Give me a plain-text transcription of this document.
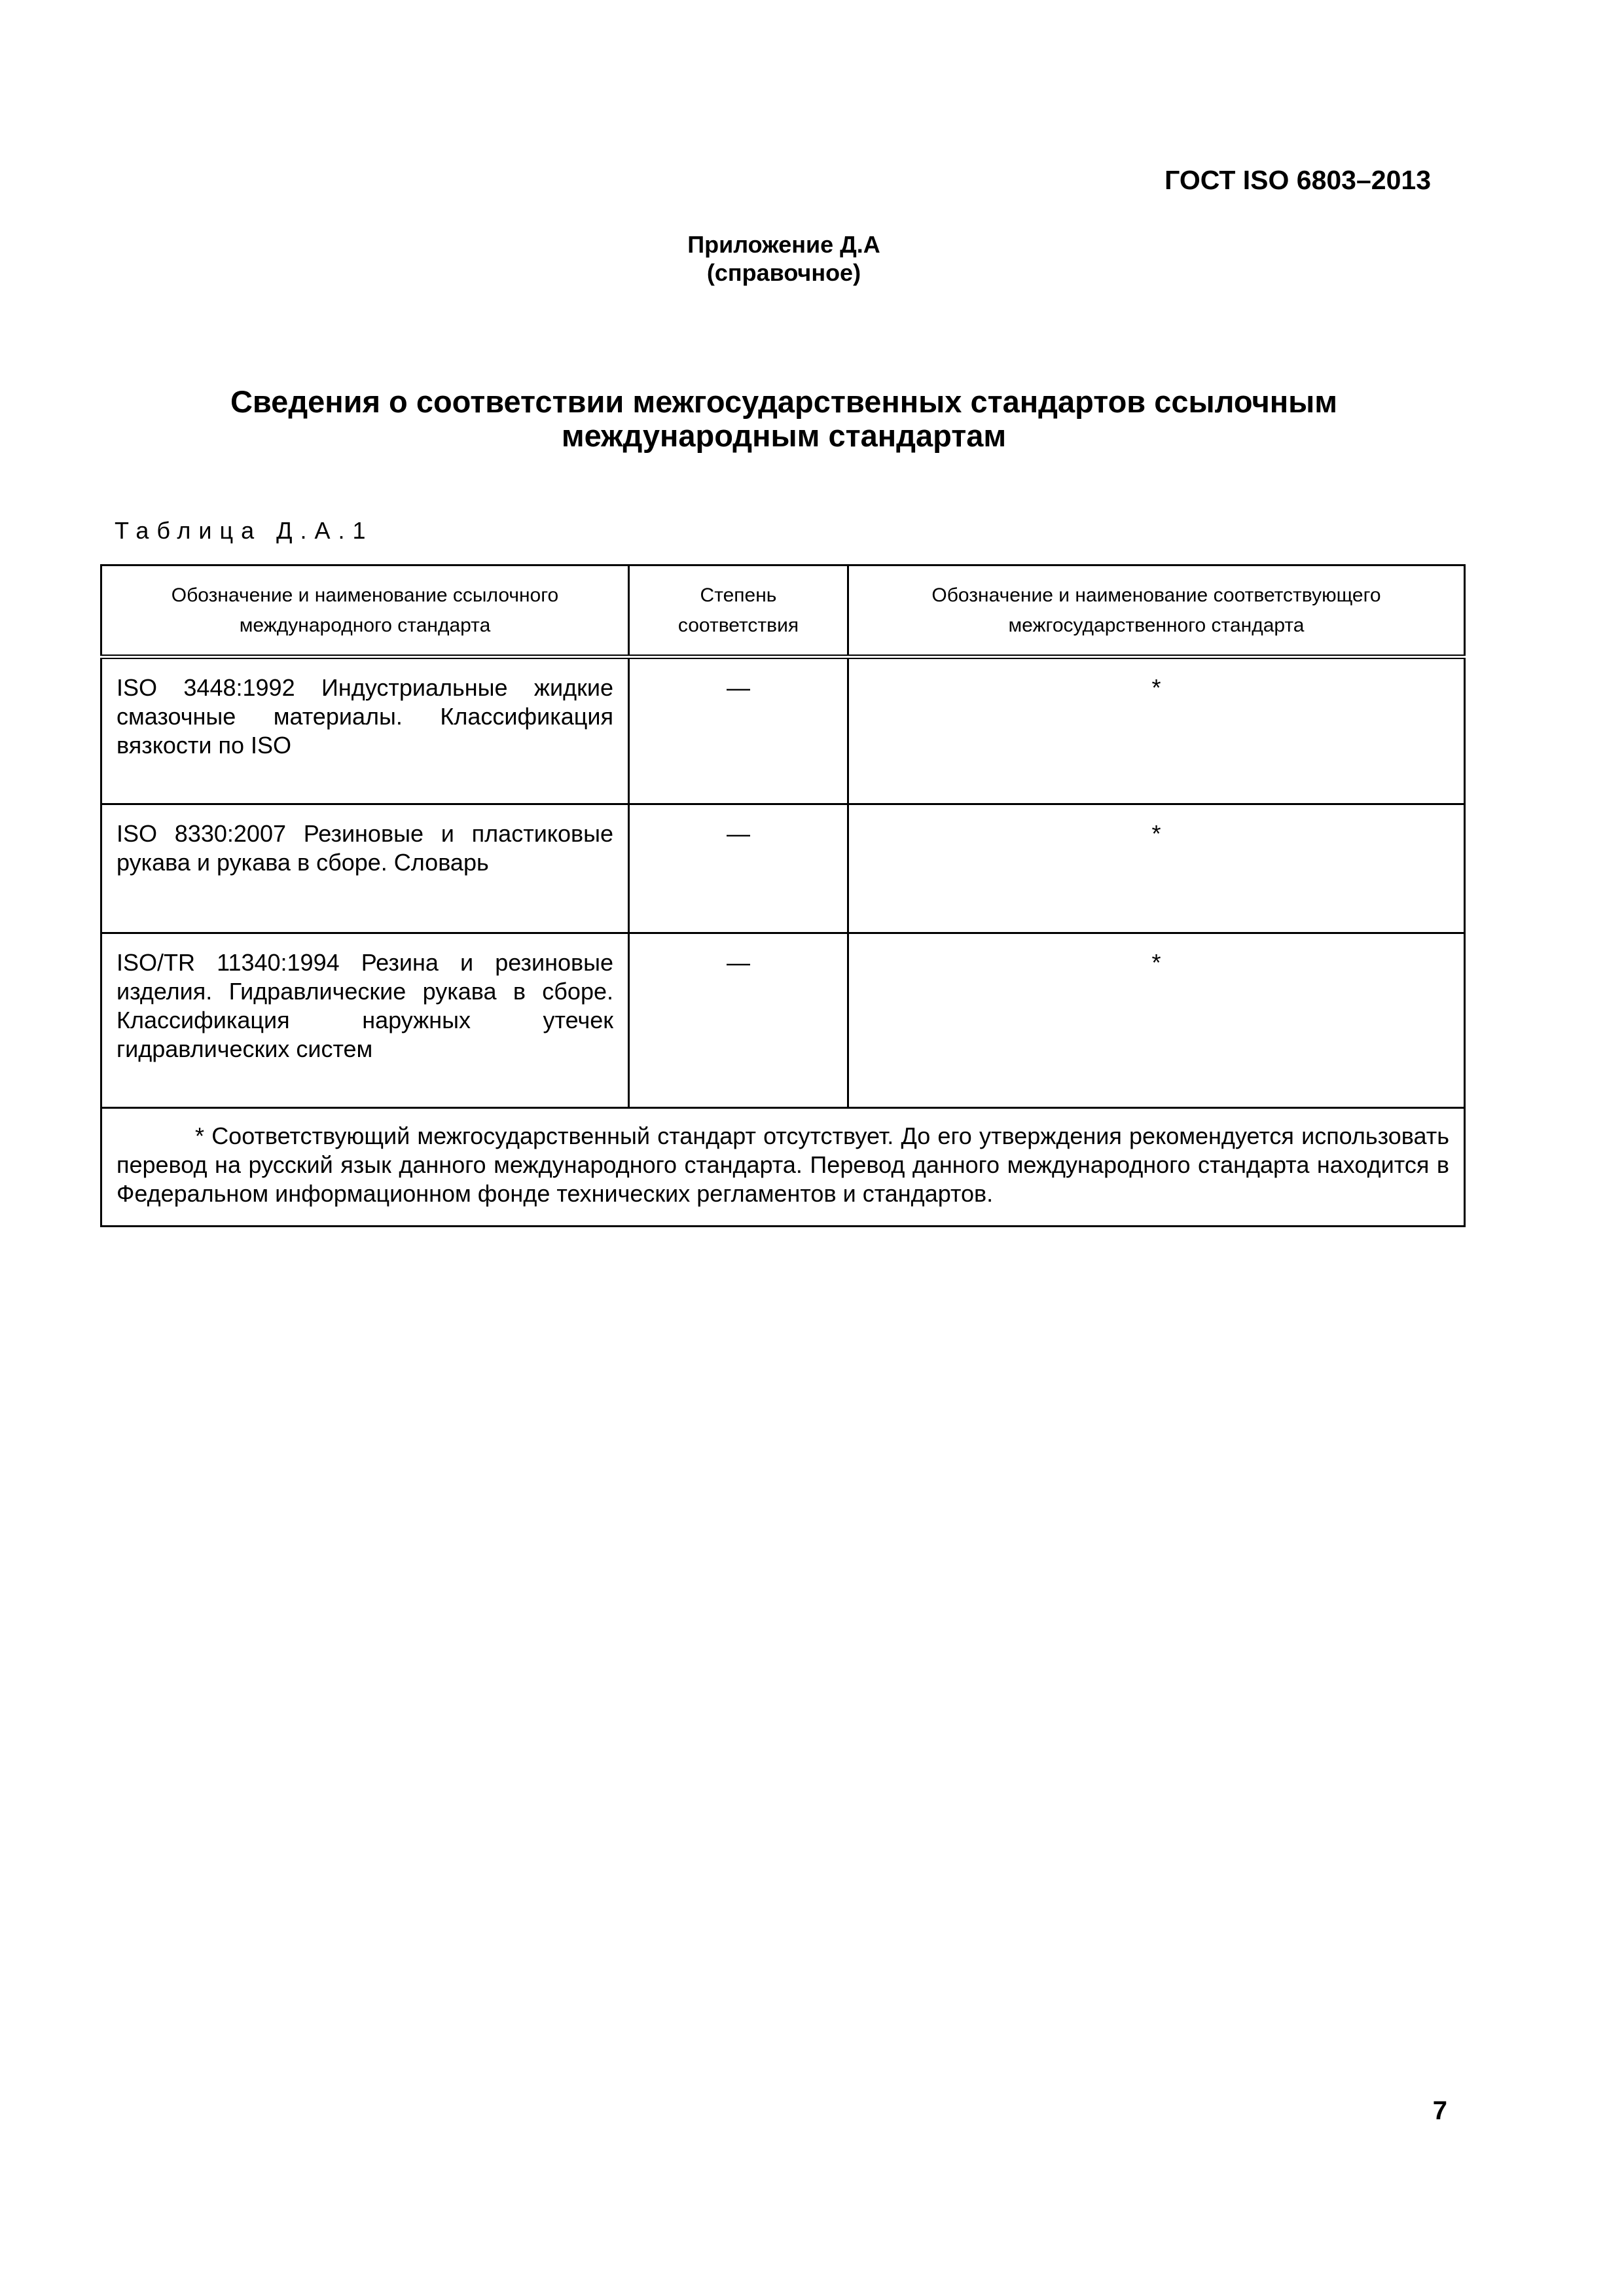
ГОСТ ISO 6803–2013
Приложение Д.А
(справочное)
Сведения о соответствии межгосударственных стандартов ссылочным
международным стандартам
Таблица Д.А.1
Обозначение и наименование ссылочного международного стандарта	Степень соответствия	Обозначение и наименование соответствующего межгосударственного стандарта
ISO 3448:1992 Индустриальные жидкие смазочные материалы. Классификация вязкости по ISO	—	*
ISO 8330:2007 Резиновые и пластиковые рукава и рукава в сборе. Словарь	—	*
ISO/TR 11340:1994 Резина и резиновые изделия. Гидравлические рукава в сборе. Классификация наружных утечек гидравлических систем	—	*
* Соответствующий межгосударственный стандарт отсутствует. До его утверждения рекомендуется использовать перевод на русский язык данного международного стандарта. Перевод данного международного стандарта находится в Федеральном информационном фонде технических регламентов и стандартов.		
7
